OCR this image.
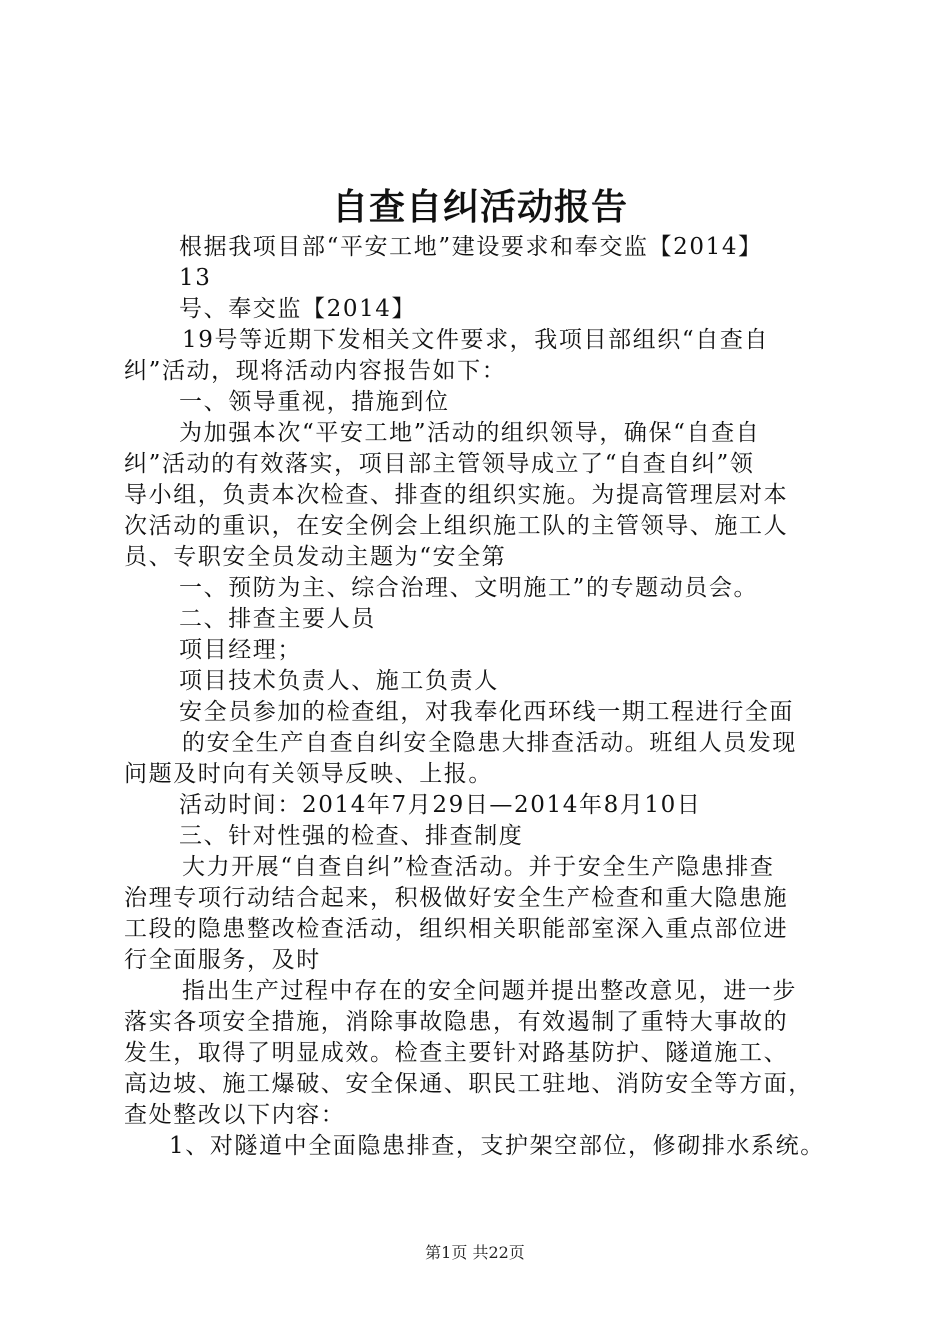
自查自纠活动报告
根据我项目部“平安工地”建设要求和奉交监【2014】
13
号、奉交监【2014】
19号等近期下发相关文件要求，我项目部组织“自查自
纠”活动，现将活动内容报告如下：
一、领导重视，措施到位
为加强本次“平安工地”活动的组织领导，确保“自查自
纠”活动的有效落实，项目部主管领导成立了“自查自纠”领
导小组，负责本次检查、排查的组织实施。为提高管理层对本
次活动的重识，在安全例会上组织施工队的主管领导、施工人
员、专职安全员发动主题为“安全第
一、预防为主、综合治理、文明施工”的专题动员会。
二、排查主要人员
项目经理；
项目技术负责人、施工负责人
安全员参加的检查组，对我奉化西环线一期工程进行全面
的安全生产自查自纠安全隐患大排查活动。班组人员发现
问题及时向有关领导反映、上报。
活动时间：2014年7月29日—2014年8月10日
三、针对性强的检查、排查制度
大力开展“自查自纠”检查活动。并于安全生产隐患排查
治理专项行动结合起来，积极做好安全生产检查和重大隐患施
工段的隐患整改检查活动，组织相关职能部室深入重点部位进
行全面服务，及时
指出生产过程中存在的安全问题并提出整改意见，进一步
落实各项安全措施，消除事故隐患，有效遏制了重特大事故的
发生，取得了明显成效。检查主要针对路基防护、隧道施工、
高边坡、施工爆破、安全保通、职民工驻地、消防安全等方面，
查处整改以下内容：
1、对隧道中全面隐患排查，支护架空部位，修砌排水系统。
第1页 共22页
